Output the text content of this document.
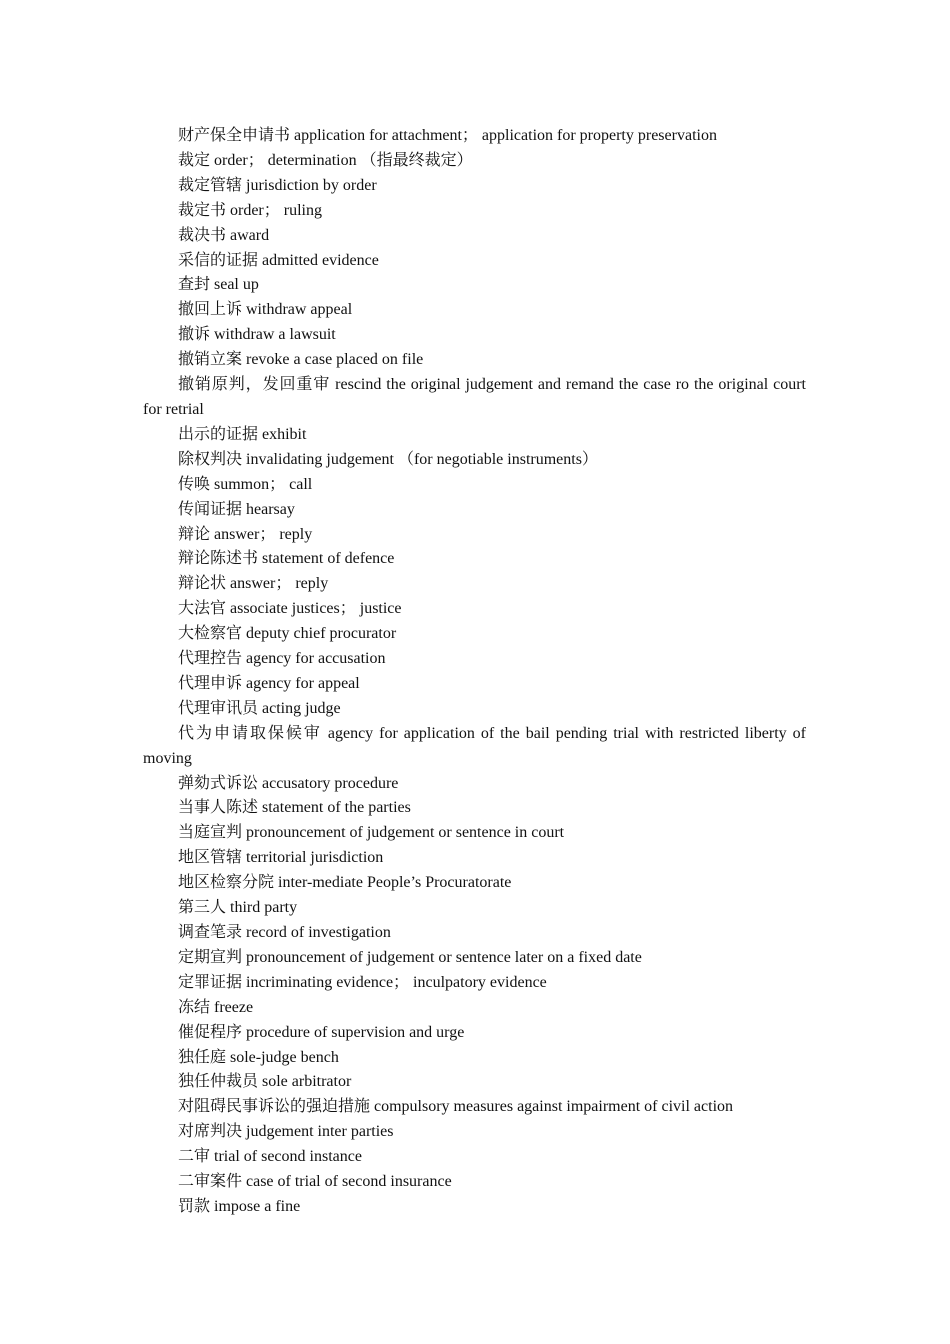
财产保全申请书 application for attachment； application for property preservation

裁定 order； determination （指最终裁定）

裁定管辖 jurisdiction by order

裁定书 order； ruling

裁决书 award

采信的证据 admitted evidence

查封 seal up

撤回上诉 withdraw appeal

撤诉 withdraw a lawsuit

撤销立案 revoke a case placed on file

撤销原判，发回重审 rescind the original judgement and remand the case ro the original court for retrial

出示的证据 exhibit

除权判决 invalidating judgement （for negotiable instruments）

传唤 summon； call

传闻证据 hearsay

辩论 answer； reply

辩论陈述书 statement of defence

辩论状 answer； reply

大法官 associate justices； justice

大检察官 deputy chief procurator

代理控告 agency for accusation

代理申诉 agency for appeal

代理审讯员 acting judge

代为申请取保候审 agency for application of the bail pending trial with restricted liberty of moving

弹劾式诉讼 accusatory procedure

当事人陈述 statement of the parties

当庭宣判 pronouncement of judgement or sentence in court

地区管辖 territorial jurisdiction

地区检察分院 inter-mediate People’s Procuratorate

第三人 third party

调查笔录 record of investigation

定期宣判 pronouncement of judgement or sentence later on a fixed date

定罪证据 incriminating evidence； inculpatory evidence

冻结 freeze

催促程序 procedure of supervision and urge

独任庭 sole-judge bench

独任仲裁员 sole arbitrator

对阻碍民事诉讼的强迫措施 compulsory measures against impairment of civil action

对席判决 judgement inter parties

二审 trial of second instance

二审案件 case of trial of second insurance

罚款 impose a fine
